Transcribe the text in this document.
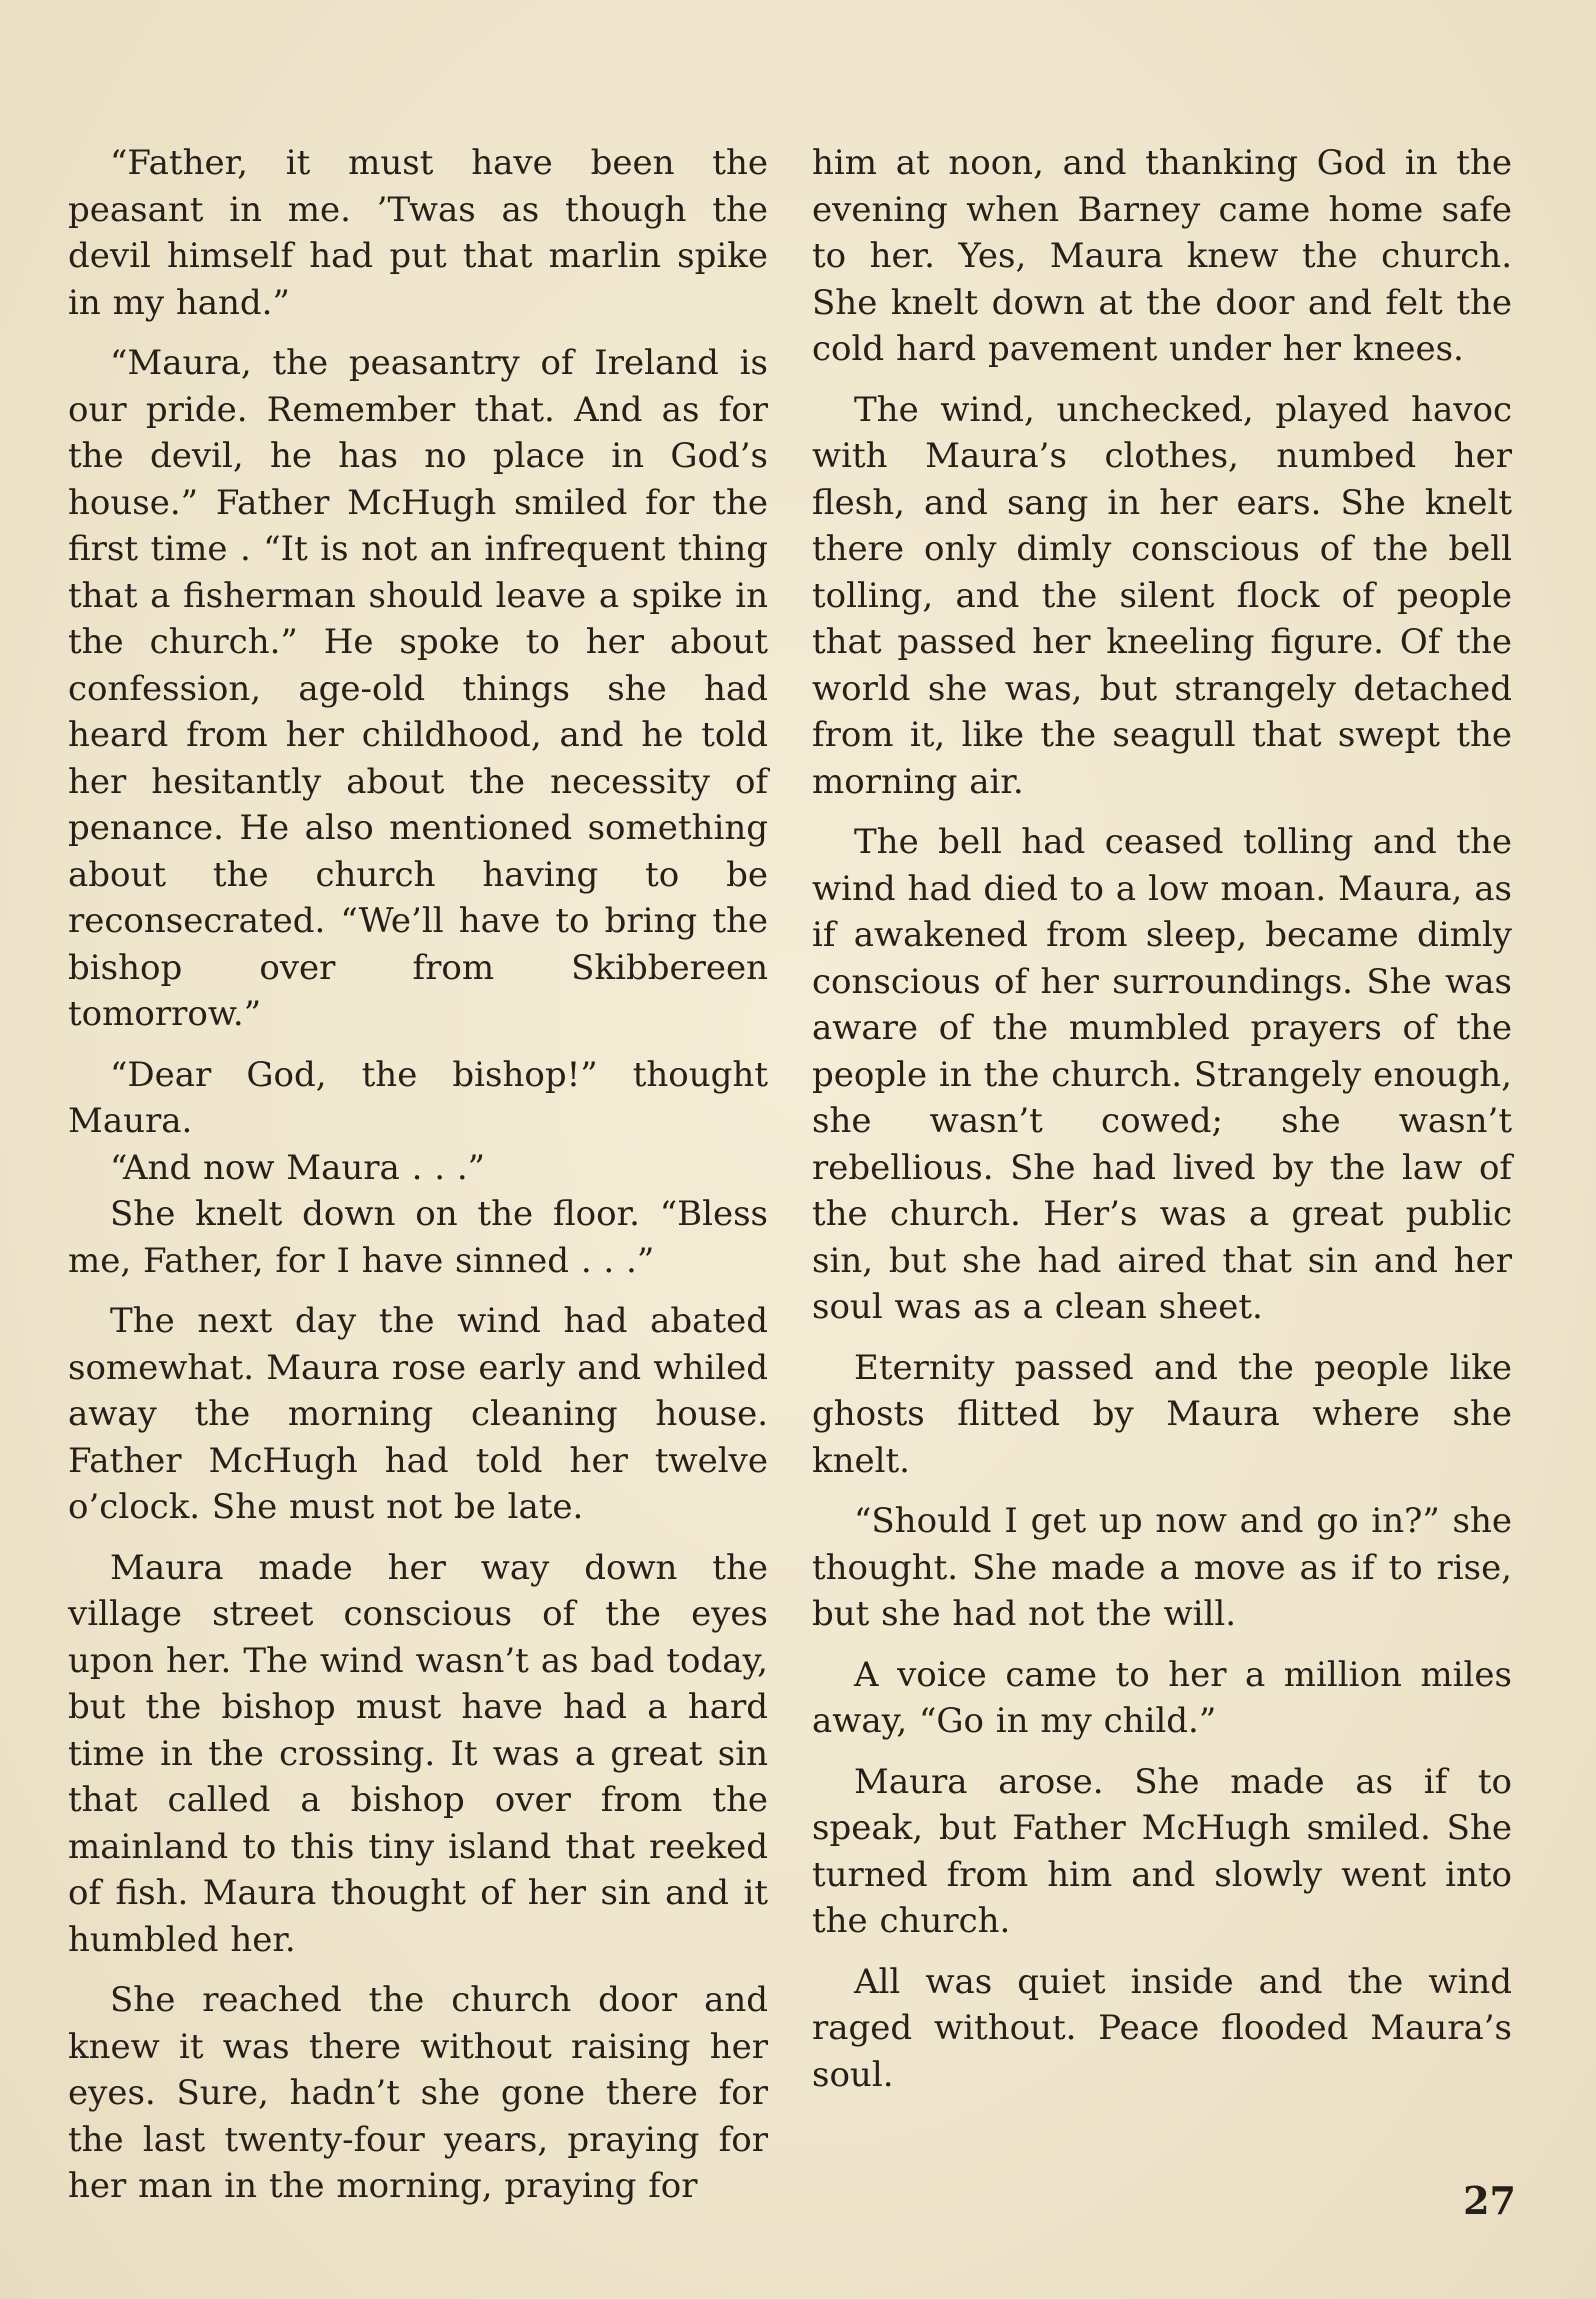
“Father, it must have been the peasant in me. ’Twas as though the devil himself had put that marlin spike in my hand.”

“Maura, the peasantry of Ireland is our pride. Remember that. And as for the devil, he has no place in God’s house.” Father McHugh smiled for the first time . “It is not an infrequent thing that a fisherman should leave a spike in the church.” He spoke to her about confession, age-old things she had heard from her childhood, and he told her hesitantly about the necessity of penance. He also mentioned something about the church having to be reconsecrated. “We’ll have to bring the bishop over from Skibbereen tomorrow.”

“Dear God, the bishop!” thought Maura.

“And now Maura . . .”

She knelt down on the floor. “Bless me, Father, for I have sinned . . .”

The next day the wind had abated somewhat. Maura rose early and whiled away the morning cleaning house. Father McHugh had told her twelve o’clock. She must not be late.

Maura made her way down the village street conscious of the eyes upon her. The wind wasn’t as bad today, but the bishop must have had a hard time in the crossing. It was a great sin that called a bishop over from the mainland to this tiny island that reeked of fish. Maura thought of her sin and it humbled her.

She reached the church door and knew it was there without raising her eyes. Sure, hadn’t she gone there for the last twenty-four years, praying for her man in the morning, praying for

him at noon, and thanking God in the evening when Barney came home safe to her. Yes, Maura knew the church. She knelt down at the door and felt the cold hard pavement under her knees.

The wind, unchecked, played havoc with Maura’s clothes, numbed her flesh, and sang in her ears. She knelt there only dimly conscious of the bell tolling, and the silent flock of people that passed her kneeling figure. Of the world she was, but strangely detached from it, like the seagull that swept the morning air.

The bell had ceased tolling and the wind had died to a low moan. Maura, as if awakened from sleep, became dimly conscious of her surroundings. She was aware of the mumbled prayers of the people in the church. Strangely enough, she wasn’t cowed; she wasn’t rebellious. She had lived by the law of the church. Her’s was a great public sin, but she had aired that sin and her soul was as a clean sheet.

Eternity passed and the people like ghosts flitted by Maura where she knelt.

“Should I get up now and go in?” she thought. She made a move as if to rise, but she had not the will.

A voice came to her a million miles away, “Go in my child.”

Maura arose. She made as if to speak, but Father McHugh smiled. She turned from him and slowly went into the church.

All was quiet inside and the wind raged without. Peace flooded Maura’s soul.

27
